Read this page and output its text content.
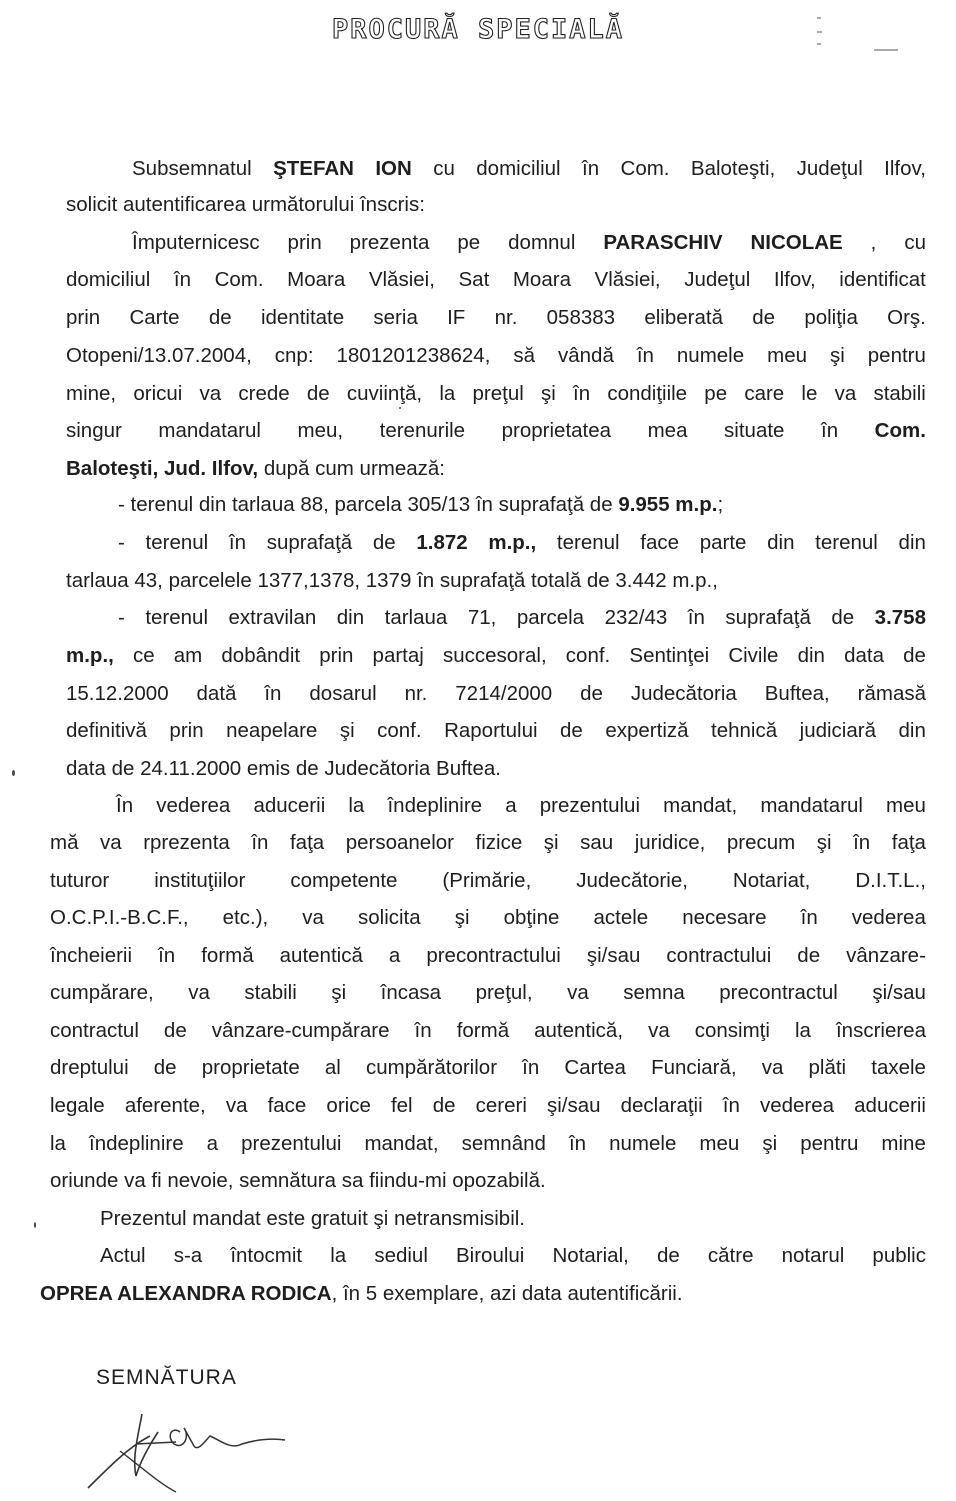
PROCURĂ SPECIALĂ
Subsemnatul ŞTEFAN ION cu domiciliul în Com. Baloteşti, Judeţul Ilfov,
solicit autentificarea următorului înscris:
Împuternicesc prin prezenta pe domnul PARASCHIV NICOLAE , cu
domiciliul în Com. Moara Vlăsiei, Sat Moara Vlăsiei, Judeţul Ilfov, identificat
prin Carte de identitate seria IF nr. 058383 eliberată de poliţia Orş.
Otopeni/13.07.2004, cnp: 1801201238624, să vândă în numele meu şi pentru
mine, oricui va crede de cuviinţă, la preţul şi în condiţiile pe care le va stabili
singur mandatarul meu, terenurile proprietatea mea situate în Com.
Baloteşti, Jud. Ilfov, după cum urmează:
- terenul din tarlaua 88, parcela 305/13 în suprafaţă de 9.955 m.p.;
- terenul în suprafaţă de 1.872 m.p., terenul face parte din terenul din
tarlaua 43, parcelele 1377,1378, 1379 în suprafaţă totală de 3.442 m.p.,
- terenul extravilan din tarlaua 71, parcela 232/43 în suprafaţă de 3.758
m.p., ce am dobândit prin partaj succesoral, conf. Sentinţei Civile din data de
15.12.2000 dată în dosarul nr. 7214/2000 de Judecătoria Buftea, rămasă
definitivă prin neapelare şi conf. Raportului de expertiză tehnică judiciară din
data de 24.11.2000 emis de Judecătoria Buftea.
În vederea aducerii la îndeplinire a prezentului mandat, mandatarul meu
mă va rprezenta în faţa persoanelor fizice şi sau juridice, precum şi în faţa
tuturor instituţiilor competente (Primărie, Judecătorie, Notariat, D.I.T.L.,
O.C.P.I.-B.C.F., etc.), va solicita şi obţine actele necesare în vederea
încheierii în formă autentică a precontractului şi/sau contractului de vânzare-
cumpărare, va stabili şi încasa preţul, va semna precontractul şi/sau
contractul de vânzare-cumpărare în formă autentică, va consimţi la înscrierea
dreptului de proprietate al cumpărătorilor în Cartea Funciară, va plăti taxele
legale aferente, va face orice fel de cereri şi/sau declaraţii în vederea aducerii
la îndeplinire a prezentului mandat, semnând în numele meu şi pentru mine
oriunde va fi nevoie, semnătura sa fiindu-mi opozabilă.
Prezentul mandat este gratuit şi netransmisibil.
Actul s-a întocmit la sediul Biroului Notarial, de către notarul public
OPREA ALEXANDRA RODICA, în 5 exemplare, azi data autentificării.
SEMNĂTURA
